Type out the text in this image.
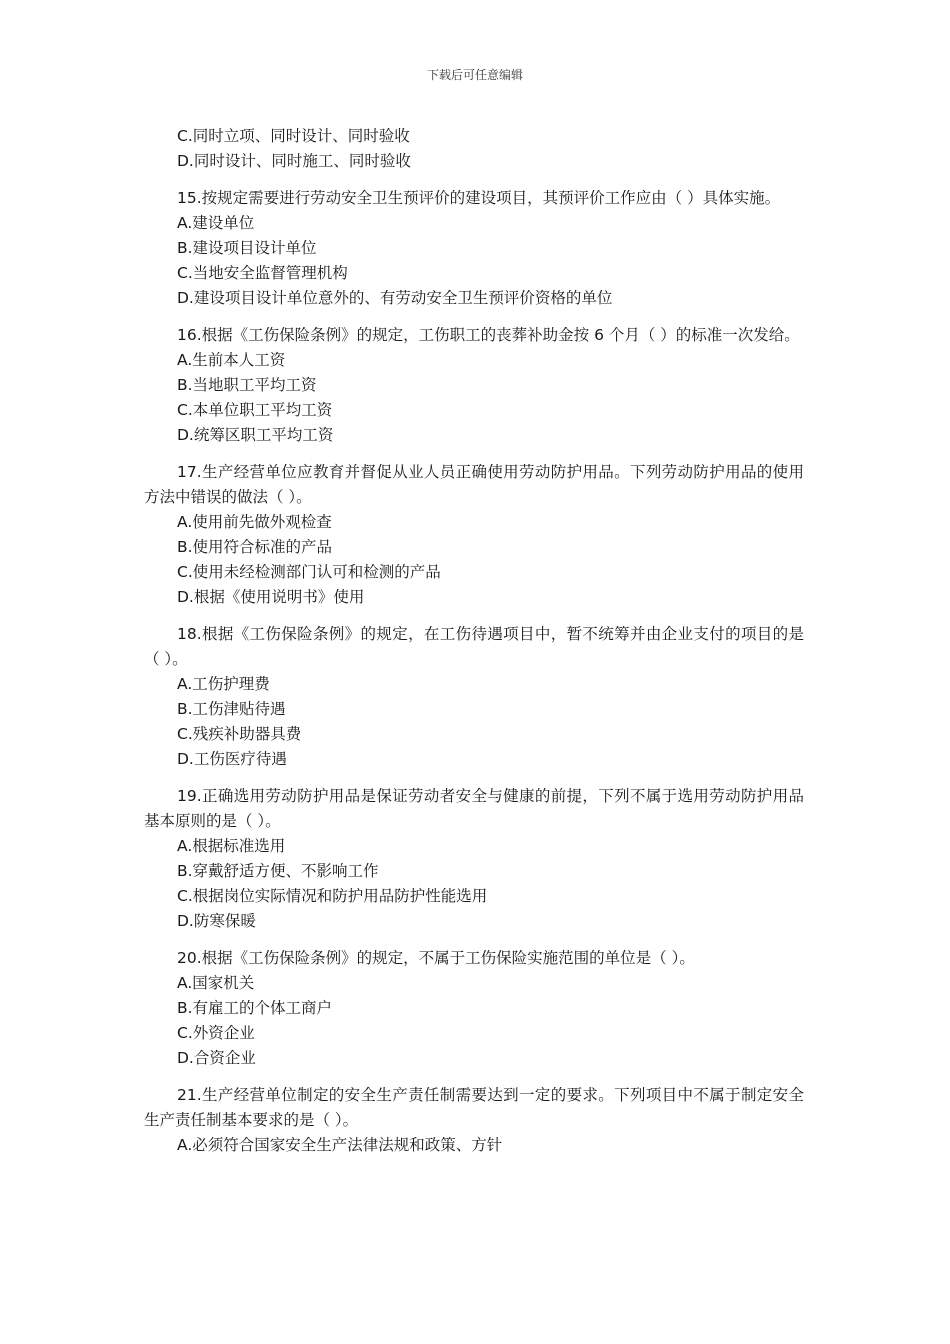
下载后可任意编辑
C.同时立项、同时设计、同时验收
D.同时设计、同时施工、同时验收
15.按规定需要进行劳动安全卫生预评价的建设项目，其预评价工作应由（ ）具体实施。
A.建设单位
B.建设项目设计单位
C.当地安全监督管理机构
D.建设项目设计单位意外的、有劳动安全卫生预评价资格的单位
16.根据《工伤保险条例》的规定，工伤职工的丧葬补助金按 6 个月（ ）的标准一次发给。
A.生前本人工资
B.当地职工平均工资
C.本单位职工平均工资
D.统筹区职工平均工资
17.生产经营单位应教育并督促从业人员正确使用劳动防护用品。下列劳动防护用品的使用方法中错误的做法（ ）。
A.使用前先做外观检查
B.使用符合标准的产品
C.使用未经检测部门认可和检测的产品
D.根据《使用说明书》使用
18.根据《工伤保险条例》的规定，在工伤待遇项目中，暂不统筹并由企业支付的项目的是（ ）。
A.工伤护理费
B.工伤津贴待遇
C.残疾补助器具费
D.工伤医疗待遇
19.正确选用劳动防护用品是保证劳动者安全与健康的前提，下列不属于选用劳动防护用品基本原则的是（ ）。
A.根据标准选用
B.穿戴舒适方便、不影响工作
C.根据岗位实际情况和防护用品防护性能选用
D.防寒保暖
20.根据《工伤保险条例》的规定，不属于工伤保险实施范围的单位是（ ）。
A.国家机关
B.有雇工的个体工商户
C.外资企业
D.合资企业
21.生产经营单位制定的安全生产责任制需要达到一定的要求。下列项目中不属于制定安全生产责任制基本要求的是（ ）。
A.必须符合国家安全生产法律法规和政策、方针
